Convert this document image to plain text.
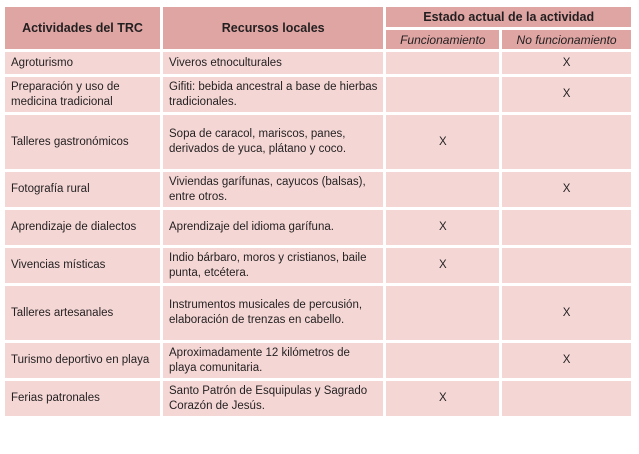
Actividades del TRC	Recursos locales	Estado actual de la actividad	
		Funcionamiento	No funcionamiento
Agroturismo	Viveros etnoculturales		X
Preparación y uso de medicina tradicional	Gifiti: bebida ancestral a base de hierbas tradicionales.		X
Talleres gastronómicos	Sopa de caracol, mariscos, panes, derivados de yuca, plátano y coco.	X	
Fotografía rural	Viviendas garífunas, cayucos (balsas), entre otros.		X
Aprendizaje de dialectos	Aprendizaje del idioma garífuna.	X	
Vivencias místicas	Indio bárbaro, moros y cristianos, baile punta, etcétera.	X	
Talleres artesanales	Instrumentos musicales de percusión, elaboración de trenzas en cabello.		X
Turismo deportivo en playa	Aproximadamente 12 kilómetros de playa comunitaria.		X
Ferias patronales	Santo Patrón de Esquipulas y Sagrado Corazón de Jesús.	X	
